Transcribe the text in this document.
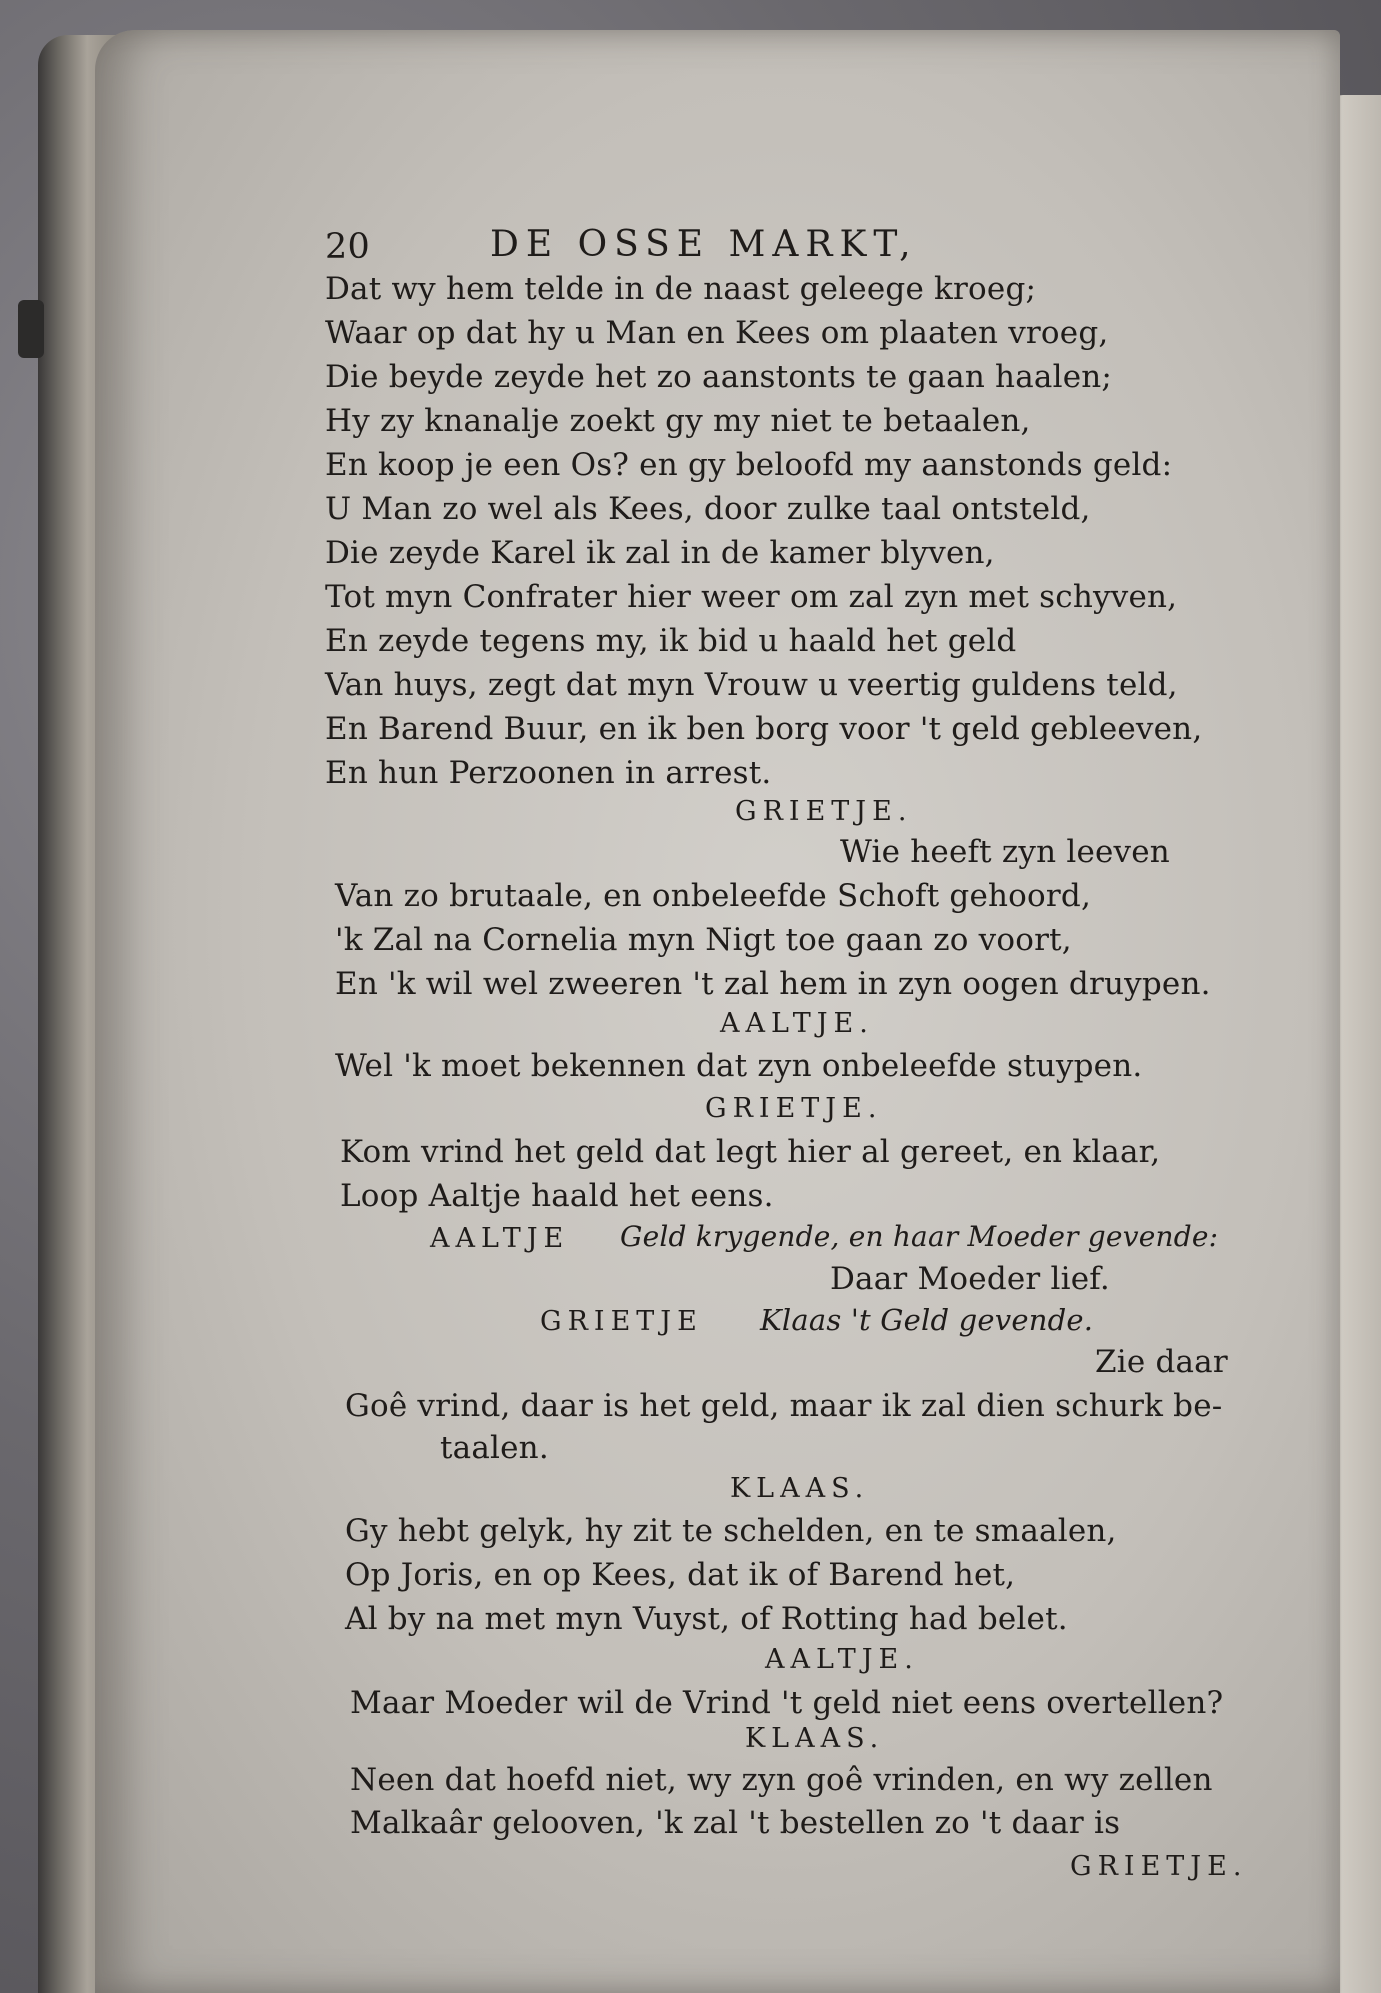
20	DE OSSE MARKT,
Dat wy hem telde in de naast geleege kroeg;
Waar op dat hy u Man en Kees om plaaten vroeg,
Die beyde zeyde het zo aanstonts te gaan haalen;
Hy zy knanalje zoekt gy my niet te betaalen,
En koop je een Os? en gy beloofd my aanstonds geld:
U Man zo wel als Kees, door zulke taal ontsteld,
Die zeyde Karel ik zal in de kamer blyven,
Tot myn Confrater hier weer om zal zyn met schyven,
En zeyde tegens my, ik bid u haald het geld
Van huys, zegt dat myn Vrouw u veertig guldens teld,
En Barend Buur, en ik ben borg voor 't geld gebleeven,
En hun Perzoonen in arrest.
GRIETJE.
Wie heeft zyn leeven
Van zo brutaale, en onbeleefde Schoft gehoord,
'k Zal na Cornelia myn Nigt toe gaan zo voort,
En 'k wil wel zweeren 't zal hem in zyn oogen druypen.
AALTJE.
Wel 'k moet bekennen dat zyn onbeleefde stuypen.
GRIETJE.
Kom vrind het geld dat legt hier al gereet, en klaar,
Loop Aaltje haald het eens.
AALTJE Geld krygende, en haar Moeder gevende:
Daar Moeder lief.
GRIETJE Klaas 't Geld gevende.
Zie daar
Goê vrind, daar is het geld, maar ik zal dien schurk be-
taalen.
KLAAS.
Gy hebt gelyk, hy zit te schelden, en te smaalen,
Op Joris, en op Kees, dat ik of Barend het,
Al by na met myn Vuyst, of Rotting had belet.
AALTJE.
Maar Moeder wil de Vrind 't geld niet eens overtellen?
KLAAS.
Neen dat hoefd niet, wy zyn goê vrinden, en wy zellen
Malkaâr gelooven, 'k zal 't bestellen zo 't daar is
GRIETJE.
